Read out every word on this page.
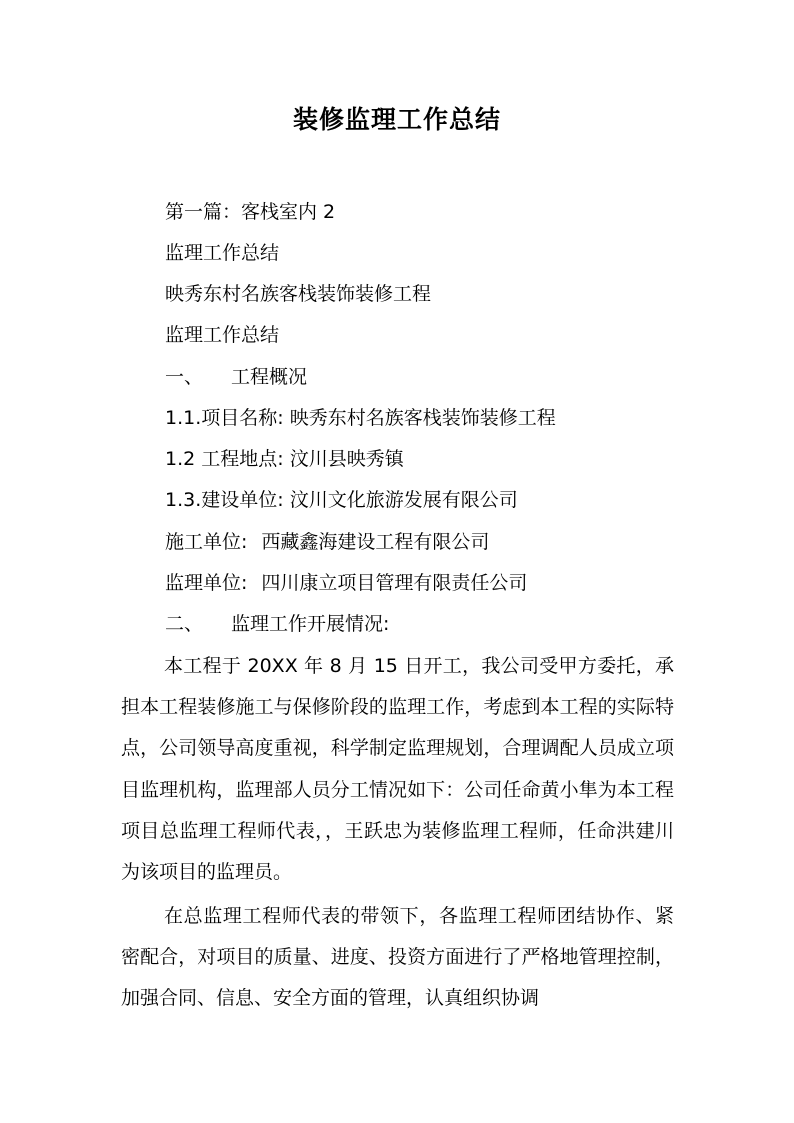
装修监理工作总结
第一篇：客栈室内 2
监理工作总结
映秀东村名族客栈装饰装修工程
监理工作总结
一、 工程概况
1.1.项目名称: 映秀东村名族客栈装饰装修工程
1.2 工程地点: 汶川县映秀镇
1.3.建设单位: 汶川文化旅游发展有限公司
施工单位: 西藏鑫海建设工程有限公司
监理单位: 四川康立项目管理有限责任公司
二、 监理工作开展情况:
本工程于 20XX 年 8 月 15 日开工，我公司受甲方委托，承担本工程装修施工与保修阶段的监理工作，考虑到本工程的实际特点，公司领导高度重视，科学制定监理规划，合理调配人员成立项目监理机构，监理部人员分工情况如下：公司任命黄小隼为本工程项目总监理工程师代表，，王跃忠为装修监理工程师，任命洪建川为该项目的监理员。
在总监理工程师代表的带领下，各监理工程师团结协作、紧密配合，对项目的质量、进度、投资方面进行了严格地管理控制，加强合同、信息、安全方面的管理，认真组织协调
